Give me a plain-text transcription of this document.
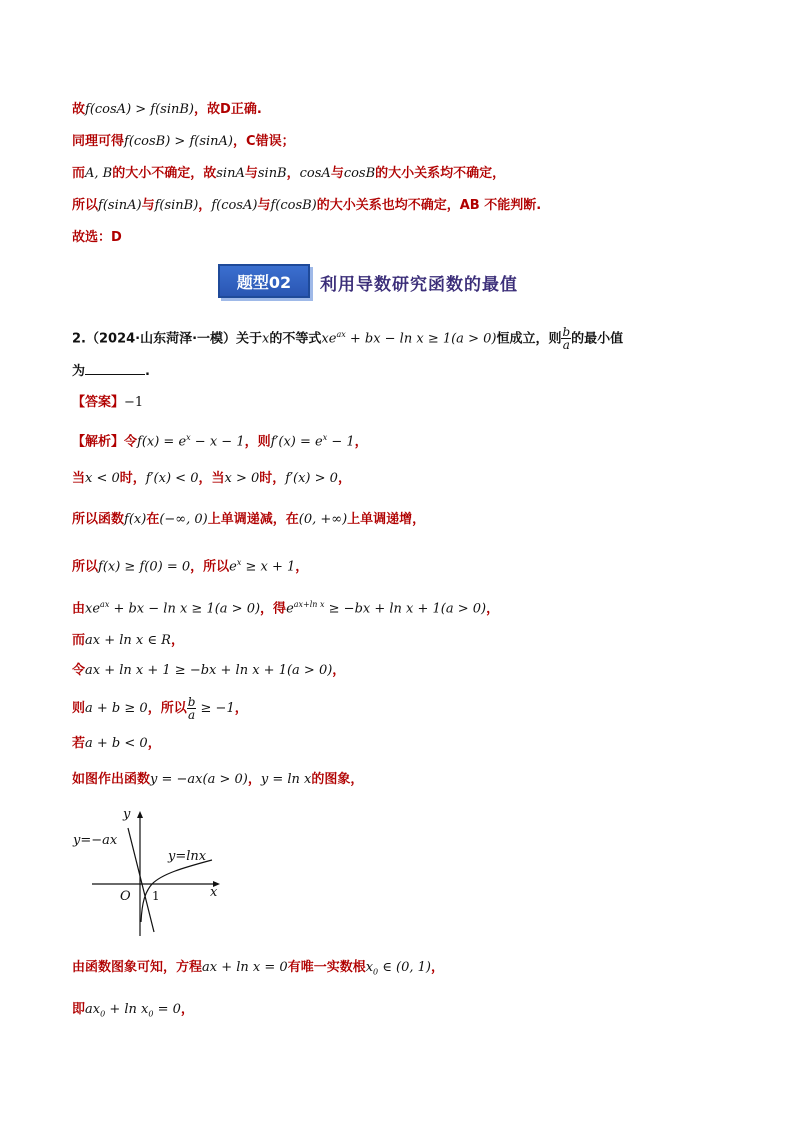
故f(cosA) > f(sinB)，故D正确.
同理可得f(cosB) > f(sinA)，C错误；
而A, B的大小不确定，故sinA与sinB，cosA与cosB的大小关系均不确定，
所以f(sinA)与f(sinB)，f(cosA)与f(cosB)的大小关系也均不确定，AB 不能判断.
故选：D
题型02	利用导数研究函数的最值
2.（2024·山东菏泽·一模）关于x的不等式$xe^{ax}$ + bx − ln x ≥ 1(a > 0)恒成立，则 $\frac{b}{a}$ 的最小值
为	.
【答案】−1
【解析】令$f(x) = e^x - x - 1$，则$f'(x) = e^x - 1$，
当x < 0时，f′(x) < 0，当x > 0时，f′(x) > 0，
所以函数f(x)在(−∞, 0)上单调递减，在(0, +∞)上单调递增，
所以f(x) ≥ f(0) = 0，所以$e^x \ge x + 1$，
由$xe^{ax}$ + bx − ln x ≥ 1(a > 0)，得$e^{ax+ln x} \ge -bx + \ln x + 1(a > 0)$，
而ax + ln x ∈ R，
令ax + ln x + 1 ≥ −bx + ln x + 1(a > 0)，
则a + b ≥ 0，所以 $\frac{b}{a} \ge -1$，
若a + b < 0，
如图作出函数y = −ax(a > 0)，y = ln x的图象，
y=−ax
y=lnx
y
x
O 1
由函数图象可知，方程ax + ln x = 0有唯一实数根$x_0$ ∈ (0, 1)，
即$ax_0 + \ln x_0 = 0$，
